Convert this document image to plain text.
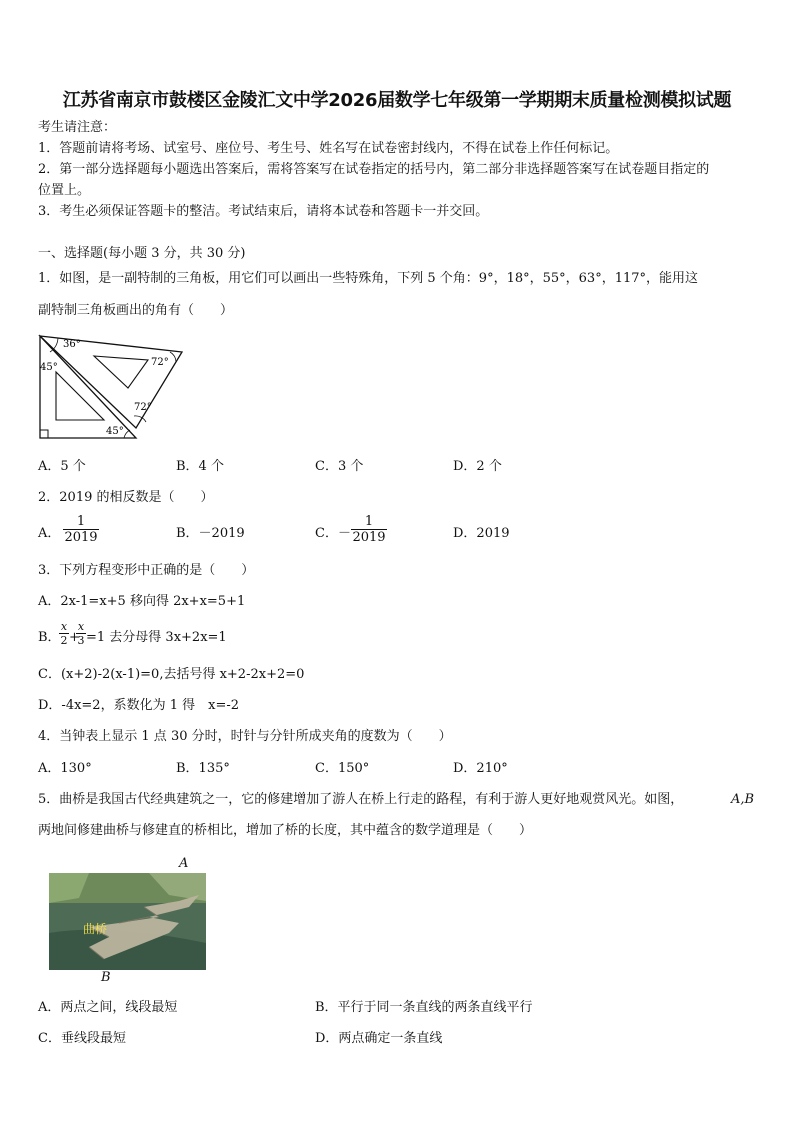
江苏省南京市鼓楼区金陵汇文中学2026届数学七年级第一学期期末质量检测模拟试题
考生请注意：
1．答题前请将考场、试室号、座位号、考生号、姓名写在试卷密封线内，不得在试卷上作任何标记。
2．第一部分选择题每小题选出答案后，需将答案写在试卷指定的括号内，第二部分非选择题答案写在试卷题目指定的
位置上。
3．考生必须保证答题卡的整洁。考试结束后，请将本试卷和答题卡一并交回。
一、选择题(每小题 3 分，共 30 分)
1．如图，是一副特制的三角板，用它们可以画出一些特殊角，下列 5 个角：9°，18°，55°，63°，117°，能用这
副特制三角板画出的角有（　　）
36°
45°	72°
72°
45°
A．5 个	B．4 个	C．3 个	D．2 个
2．2019 的相反数是（　　）
A．
1
2019	B．－2019	C．－
1
2019	D．2019
3．下列方程变形中正确的是（　　）
A．2x-1=x+5 移向得 2x+x=5+1
B．
x
2 +
x
3 =1 去分母得 3x+2x=1
C．(x+2)-2(x-1)=0,去括号得 x+2-2x+2=0
D．-4x=2，系数化为 1 得　x=-2
4．当钟表上显示 1 点 30 分时，时针与分针所成夹角的度数为（　　）
A．130°	B．135°	C．150°	D．210°
5．曲桥是我国古代经典建筑之一，它的修建增加了游人在桥上行走的路程，有利于游人更好地观赏风光。如图，	A,B
两地间修建曲桥与修建直的桥相比，增加了桥的长度，其中蕴含的数学道理是（　　）
A
曲桥
B
A．两点之间，线段最短	B．平行于同一条直线的两条直线平行
C．垂线段最短	D．两点确定一条直线
